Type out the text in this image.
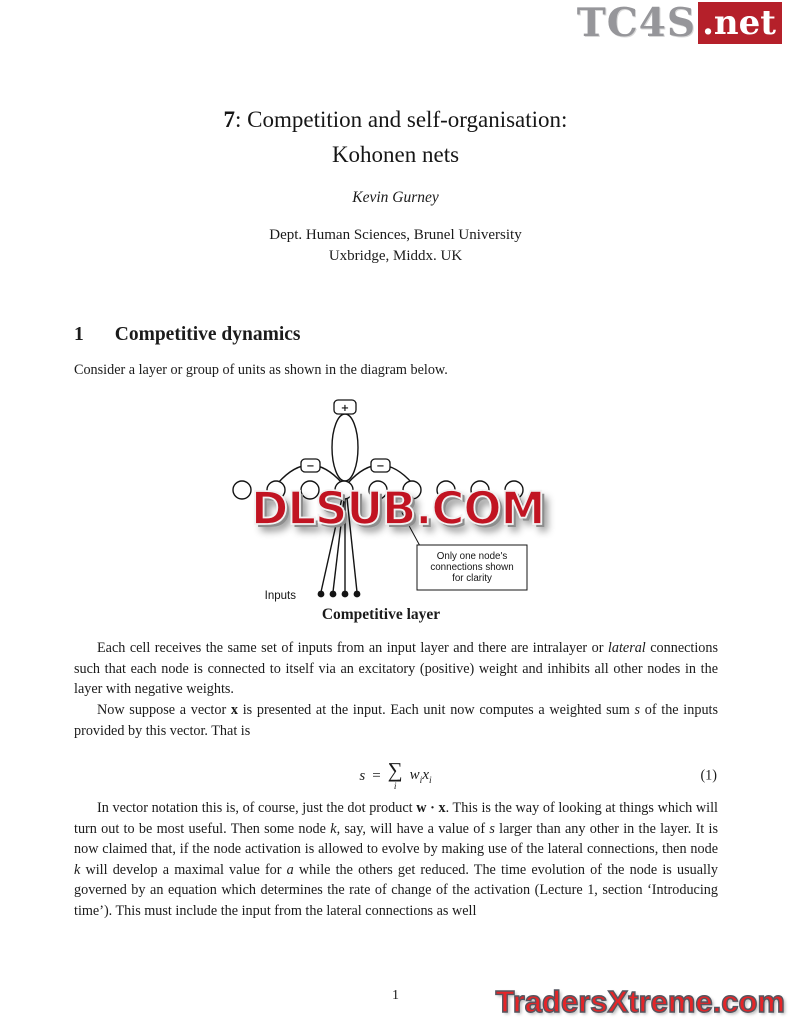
TC4S .net
7: Competition and self-organisation:
Kohonen nets
Kevin Gurney
Dept. Human Sciences, Brunel University
Uxbridge, Middx. UK
1 Competitive dynamics

Consider a layer or group of units as shown in the diagram below.

+
−	−
Inputs
Only one node's
connections shown
for clarity
DLSUB.COM
Competitive layer

Each cell receives the same set of inputs from an input layer and there are intralayer or lateral connections such that each node is connected to itself via an excitatory (positive) weight and inhibits all other nodes in the layer with negative weights.

Now suppose a vector x is presented at the input. Each unit now computes a weighted sum s of the inputs provided by this vector. That is

s = ∑
i
$w_ix_i$	(1)

In vector notation this is, of course, just the dot product w · x. This is the way of looking at things which will turn out to be most useful. Then some node k, say, will have a value of s larger than any other in the layer. It is now claimed that, if the node activation is allowed to evolve by making use of the lateral connections, then node k will develop a maximal value for a while the others get reduced. The time evolution of the node is usually governed by an equation which determines the rate of change of the activation (Lecture 1, section ‘Introducing time’). This must include the input from the lateral connections as well

1	TradersXtreme.com
